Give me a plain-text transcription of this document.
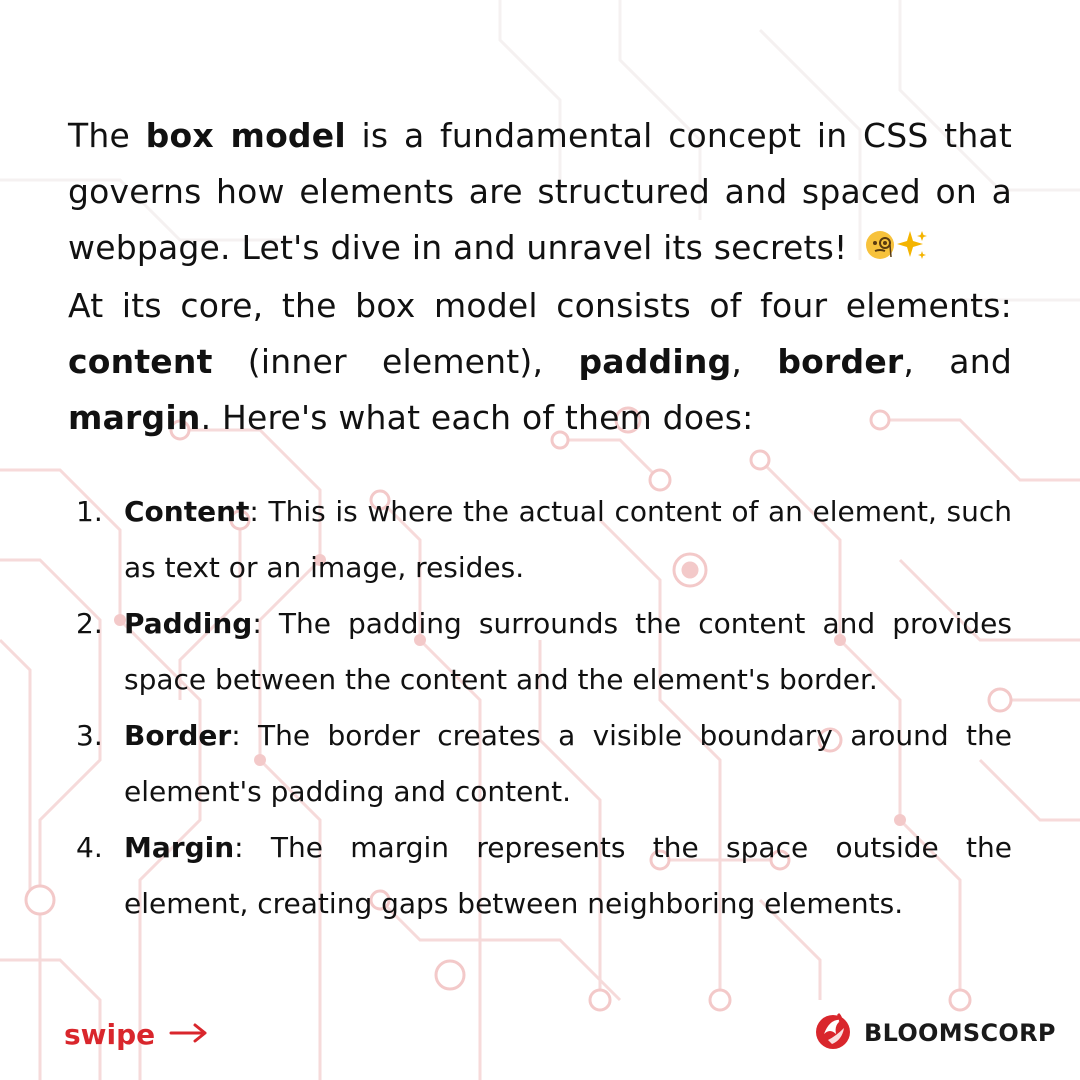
The box model is a fundamental concept in CSS that governs how elements are structured and spaced on a webpage. Let's dive in and unravel its secrets!

At its core, the box model consists of four elements: content (inner element), padding, border, and margin. Here's what each of them does:

1. Content: This is where the actual content of an element, such as text or an image, resides.
2. Padding: The padding surrounds the content and provides space between the content and the element's border.
3. Border: The border creates a visible boundary around the element's padding and content.
4. Margin: The margin represents the space outside the element, creating gaps between neighboring elements.
swipe	BLOOMSCORP
